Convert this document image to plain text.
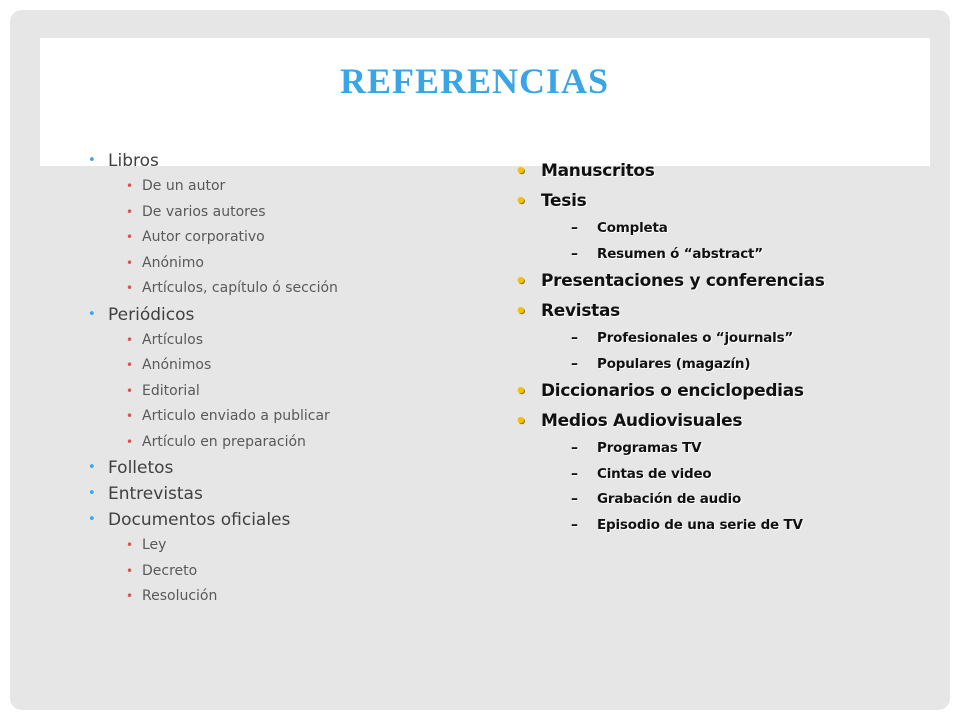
REFERENCIAS
• Libros
• De un autor
• De varios autores
• Autor corporativo
• Anónimo
• Artículos, capítulo ó sección
• Periódicos
• Artículos
• Anónimos
• Editorial
• Articulo enviado a publicar
• Artículo en preparación
• Folletos
• Entrevistas
• Documentos oficiales
• Ley
• Decreto
• Resolución
• Manuscritos
• Tesis
– Completa
– Resumen ó “abstract”
• Presentaciones y conferencias
• Revistas
– Profesionales o “journals”
– Populares (magazín)
• Diccionarios o enciclopedias
• Medios Audiovisuales
– Programas TV
– Cintas de video
– Grabación de audio
– Episodio de una serie de TV
